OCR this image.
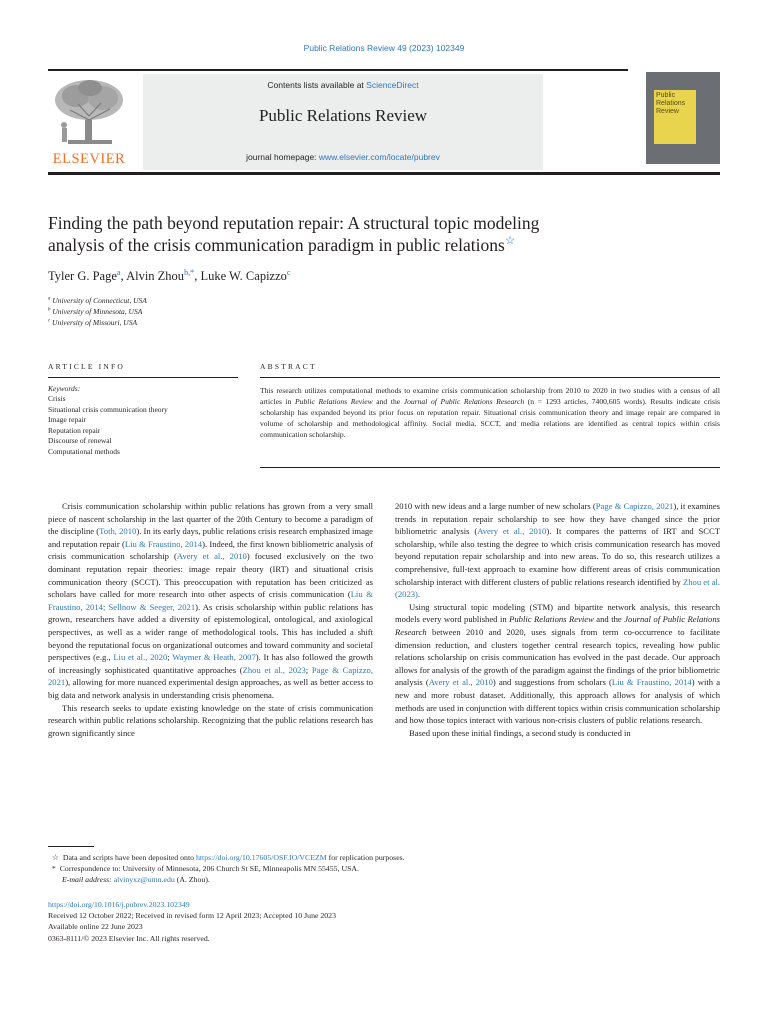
Public Relations Review 49 (2023) 102349
ELSEVIER
Contents lists available at ScienceDirect
Public Relations Review
journal homepage: www.elsevier.com/locate/pubrev
Public
Relations
Review
Finding the path beyond reputation repair: A structural topic modeling
analysis of the crisis communication paradigm in public relations☆
Tyler G. Page$^a$, Alvin Zhou$^{b,*}$, Luke W. Capizzo$^c$
$^a$ University of Connecticut, USA
$^b$ University of Minnesota, USA
$^c$ University of Missouri, USA
ARTICLE INFO	ABSTRACT
Keywords:
Crisis
Situational crisis communication theory
Image repair
Reputation repair
Discourse of renewal
Computational methods
This research utilizes computational methods to examine crisis communication scholarship from 2010 to 2020 in two studies with a census of all articles in Public Relations Review and the Journal of Public Relations Research (n = 1293 articles, 7400,605 words). Results indicate crisis scholarship has expanded beyond its prior focus on reputation repair. Situational crisis communication theory and image repair are compared in volume of scholarship and methodological affinity. Social media, SCCT, and media relations are identified as central topics within crisis communication scholarship.

Crisis communication scholarship within public relations has grown from a very small piece of nascent scholarship in the last quarter of the 20th Century to become a paradigm of the discipline (Toth, 2010). In its early days, public relations crisis research emphasized image and reputation repair (Liu & Fraustino, 2014). Indeed, the first known bibliometric analysis of crisis communication scholarship (Avery et al., 2010) focused exclusively on the two dominant reputation repair theories: image repair theory (IRT) and situational crisis communication theory (SCCT). This preoccupation with reputation has been criticized as scholars have called for more research into other aspects of crisis communication (Liu & Fraustino, 2014; Sellnow & Seeger, 2021). As crisis scholarship within public relations has grown, researchers have added a diversity of epistemological, ontological, and axiological perspectives, as well as a wider range of methodological tools. This has included a shift beyond the reputational focus on organizational outcomes and toward community and societal perspectives (e.g., Liu et al., 2020; Waymer & Heath, 2007). It has also followed the growth of increasingly sophisticated quantitative approaches (Zhou et al., 2023; Page & Capizzo, 2021), allowing for more nuanced experimental design approaches, as well as better access to big data and network analysis in understanding crisis phenomena.

This research seeks to update existing knowledge on the state of crisis communication research within public relations scholarship. Recognizing that the public relations research has grown significantly since

2010 with new ideas and a large number of new scholars (Page & Capizzo, 2021), it examines trends in reputation repair scholarship to see how they have changed since the prior bibliometric analysis (Avery et al., 2010). It compares the patterns of IRT and SCCT scholarship, while also testing the degree to which crisis communication research has moved beyond reputation repair scholarship and into new areas. To do so, this research utilizes a comprehensive, full-text approach to examine how different areas of crisis communication scholarship interact with different clusters of public relations research identified by Zhou et al. (2023).

Using structural topic modeling (STM) and bipartite network analysis, this research models every word published in Public Relations Review and the Journal of Public Relations Research between 2010 and 2020, uses signals from term co-occurrence to facilitate dimension reduction, and clusters together central research topics, revealing how public relations scholarship on crisis communication has evolved in the past decade. Our approach allows for analysis of the growth of the paradigm against the findings of the prior bibliometric analysis (Avery et al., 2010) and suggestions from scholars (Liu & Fraustino, 2014) with a new and more robust dataset. Additionally, this approach allows for analysis of which methods are used in conjunction with different topics within crisis communication scholarship and how those topics interact with various non-crisis clusters of public relations research.

Based upon these initial findings, a second study is conducted in

☆ Data and scripts have been deposited onto https://doi.org/10.17605/OSF.IO/VCEZM for replication purposes.
* Correspondence to: University of Minnesota, 206 Church St SE, Minneapolis MN 55455, USA.
E-mail address: alvinyxz@umn.edu (A. Zhou).
https://doi.org/10.1016/j.pubrev.2023.102349
Received 12 October 2022; Received in revised form 12 April 2023; Accepted 10 June 2023
Available online 22 June 2023
0363-8111/© 2023 Elsevier Inc. All rights reserved.
